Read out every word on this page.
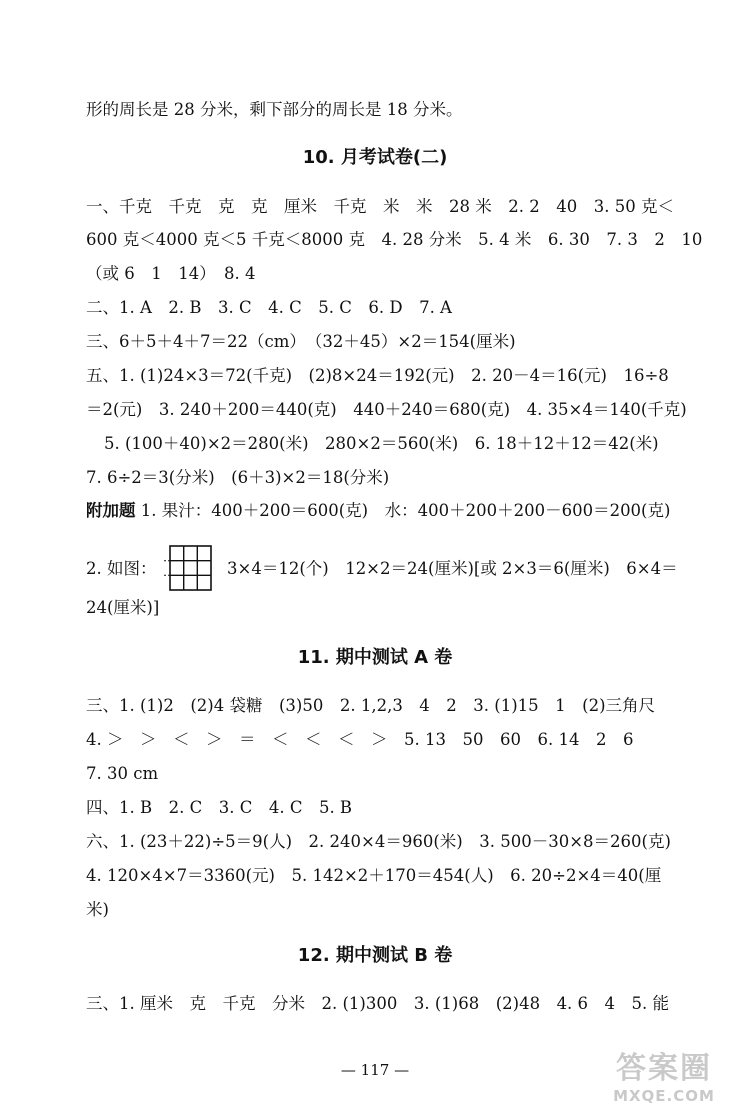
形的周长是 28 分米，剩下部分的周长是 18 分米。
10. 月考试卷(二)
一、千克　千克　克　克　厘米　千克　米　米　28 米　2. 2　40　3. 50 克＜
600 克＜4000 克＜5 千克＜8000 克　4. 28 分米　5. 4 米　6. 30　7. 3　2　10
（或 6　1　14）　8. 4
二、1. A　2. B　3. C　4. C　5. C　6. D　7. A
三、6＋5＋4＋7＝22（cm）　（32＋45）×2＝154(厘米)
五、1. (1)24×3＝72(千克)　(2)8×24＝192(元)　2. 20－4＝16(元)　16÷8
＝2(元)　3. 240＋200＝440(克)　440＋240＝680(克)　4. 35×4＝140(千克)
5. (100＋40)×2＝280(米)　280×2＝560(米)　6. 18＋12＋12＝42(米)
7. 6÷2＝3(分米)　(6＋3)×2＝18(分米)
附加题 1. 果汁：400＋200＝600(克)　水：400＋200＋200－600＝200(克)
2. 如图：	3×4＝12(个)　12×2＝24(厘米)[或 2×3＝6(厘米)　6×4＝
24(厘米)]
11. 期中测试 A 卷
三、1. (1)2　(2)4 袋糖　(3)50　2. 1,2,3　4　2　3. (1)15　1　(2)三角尺
4. ＞　＞　＜　＞　＝　＜　＜　＜　＞　5. 13　50　60　6. 14　2　6
7. 30 cm
四、1. B　2. C　3. C　4. C　5. B
六、1. (23＋22)÷5＝9(人)　2. 240×4＝960(米)　3. 500－30×8＝260(克)
4. 120×4×7＝3360(元)　5. 142×2＋170＝454(人)　6. 20÷2×4＝40(厘
米)
12. 期中测试 B 卷
三、1. 厘米　克　千克　分米　2. (1)300　3. (1)68　(2)48　4. 6　4　5. 能
— 117 —	答案圈
MXQE.COM
